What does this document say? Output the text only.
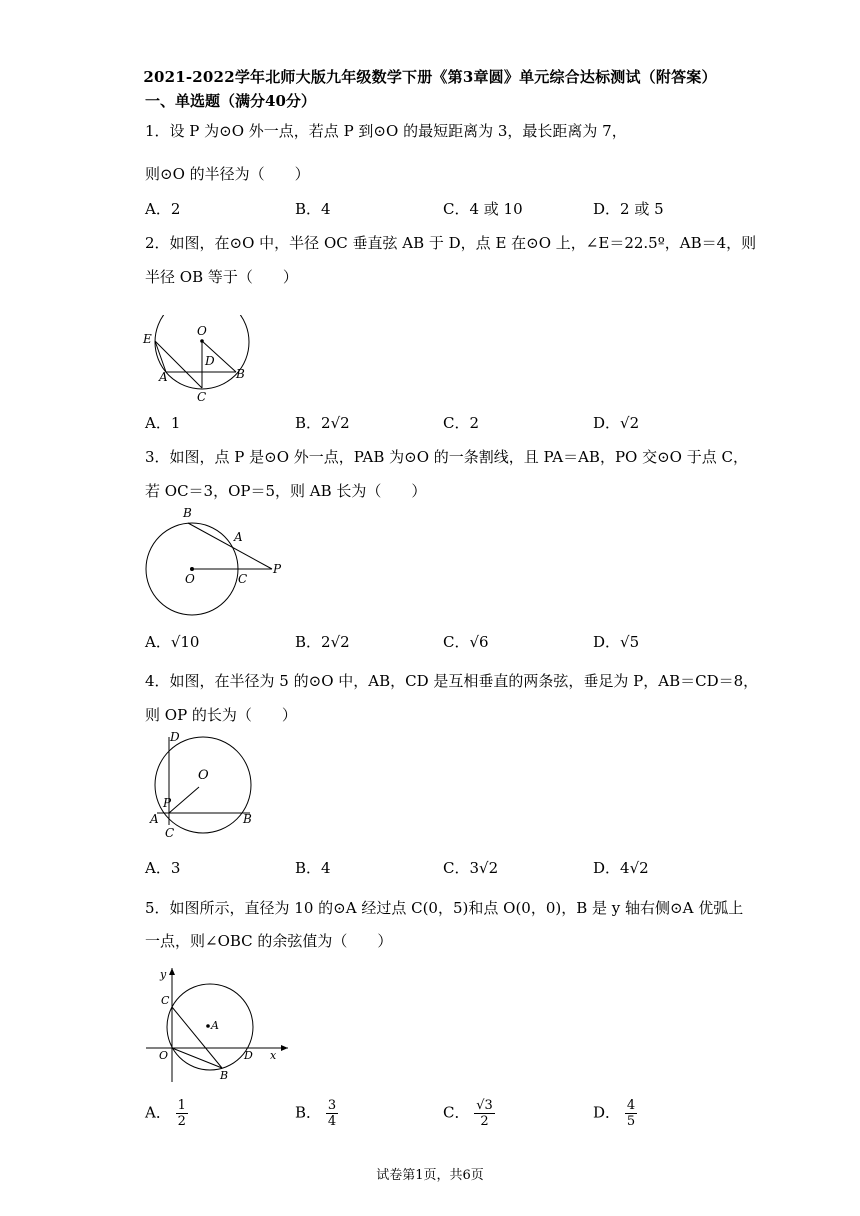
2021-2022学年北师大版九年级数学下册《第3章圆》单元综合达标测试（附答案）
一、单选题（满分40分）
1．设 P 为⊙O 外一点，若点 P 到⊙O 的最短距离为 3，最长距离为 7，
则⊙O 的半径为（　　）
A．2	B．4	C．4 或 10	D．2 或 5
2．如图，在⊙O 中，半径 OC 垂直弦 AB 于 D，点 E 在⊙O 上，∠E＝22.5º，AB＝4，则
半径 OB 等于（　　）
E
O
D
A	B
C
A．1	B．2√2	C．2	D．√2
3．如图，点 P 是⊙O 外一点，PAB 为⊙O 的一条割线，且 PA＝AB，PO 交⊙O 于点 C，
若 OC＝3，OP＝5，则 AB 长为（　　）
B
A
P
O	C
A．√10	B．2√2	C．√6	D．√5
4．如图，在半径为 5 的⊙O 中，AB，CD 是互相垂直的两条弦，垂足为 P，AB＝CD＝8，
则 OP 的长为（　　）
D
O
P
A
C
B
A．3	B．4	C．3√2	D．4√2
5．如图所示，直径为 10 的⊙A 经过点 C(0，5)和点 O(0，0)，B 是 y 轴右侧⊙A 优弧上
一点，则∠OBC 的余弦值为（　　）
y
C
A
O	D x
B
A． $\frac{1}{2}$	B． $\frac{3}{4}$	C． $\frac{√3}{2}$	D． $\frac{4}{5}$
试卷第1页，共6页
